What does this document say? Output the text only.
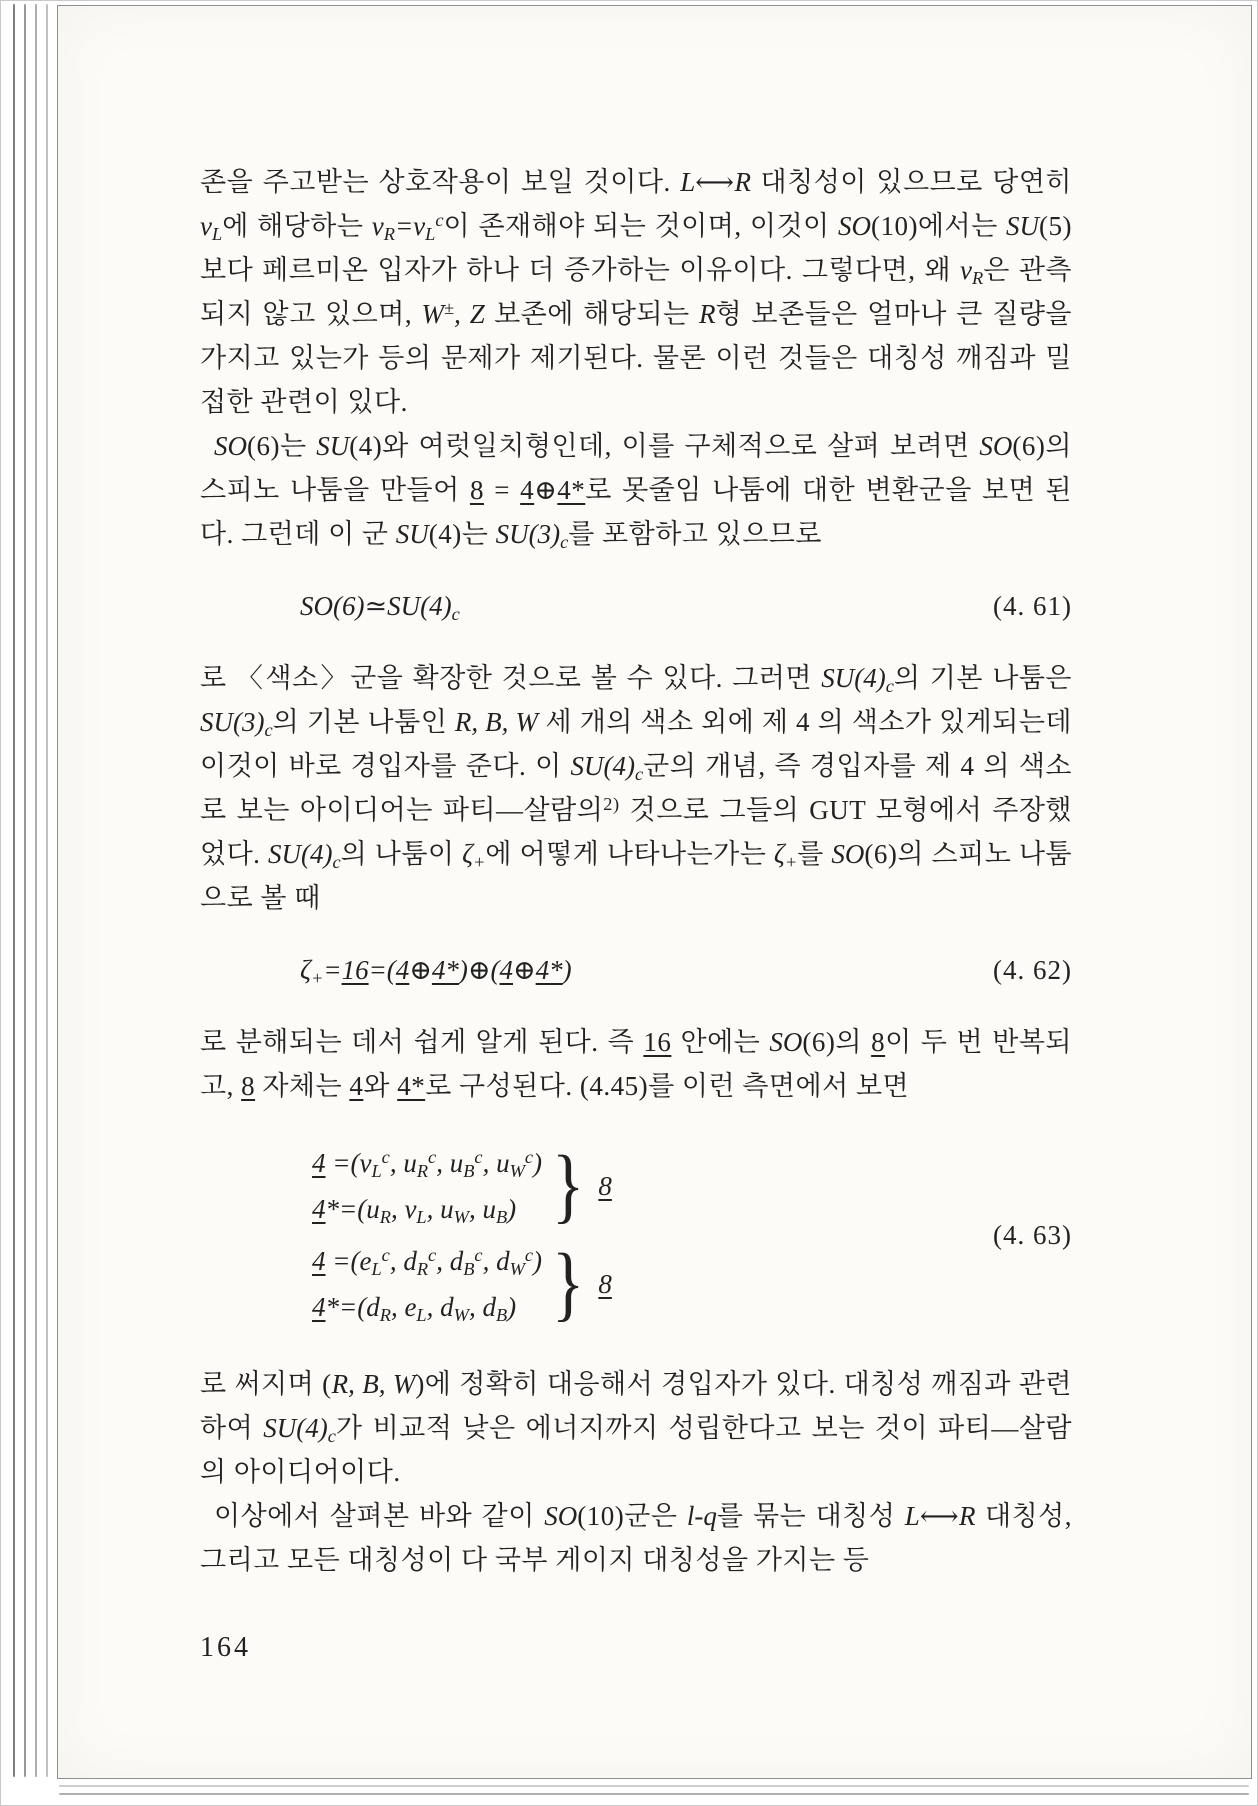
존을 주고받는 상호작용이 보일 것이다. L⟷R 대칭성이 있으므로 당연히 $\nu_L$에 해당하는 $\nu_R=\nu_L^c$이 존재해야 되는 것이며, 이것이 SO(10)에서는 SU(5)보다 페르미온 입자가 하나 더 증가하는 이유이다. 그렇다면, 왜 $\nu_R$은 관측되지 않고 있으며, W±, Z 보존에 해당되는 R형 보존들은 얼마나 큰 질량을 가지고 있는가 등의 문제가 제기된다. 물론 이런 것들은 대칭성 깨짐과 밀접한 관련이 있다.

SO(6)는 SU(4)와 여럿일치형인데, 이를 구체적으로 살펴 보려면 SO(6)의 스피노 나툼을 만들어 8 = 4⊕4*로 못줄임 나툼에 대한 변환군을 보면 된다. 그런데 이 군 SU(4)는 $SU(3)_c$를 포함하고 있으므로

$SO(6)≃SU(4)_c$	(4. 61)

로 〈색소〉군을 확장한 것으로 볼 수 있다. 그러면 $SU(4)_c$의 기본 나툼은 $SU(3)_c$의 기본 나툼인 R, B, W 세 개의 색소 외에 제 4 의 색소가 있게되는데 이것이 바로 경입자를 준다. 이 $SU(4)_c$군의 개념, 즉 경입자를 제 4 의 색소로 보는 아이디어는 파티—살람의$^{2)}$ 것으로 그들의 GUT 모형에서 주장했었다. $SU(4)_c$의 나툼이 $\zeta_+$에 어떻게 나타나는가는 $\zeta_+$를 SO(6)의 스피노 나툼으로 볼 때

$\zeta_+=16=(4\oplus 4*)\oplus(4\oplus 4*)$	(4. 62)

로 분해되는 데서 쉽게 알게 된다. 즉 16 안에는 SO(6)의 8이 두 번 반복되고, 8 자체는 4와 4*로 구성된다. (4.45)를 이런 측면에서 보면

$4 =(\nu_L^c$, $u_R^c$, $u_B^c$, $u_W^c$)
$4*=(u_R$, $\nu_L$, $u_W$, $u_B$) } 8
$4 =(e_L^c$, $d_R^c$, $d_B^c$, $d_W^c$)
$4*=(d_R$, $e_L$, $d_W$, $d_B$) } 8
(4. 63)

로 써지며 (R, B, W)에 정확히 대응해서 경입자가 있다. 대칭성 깨짐과 관련하여 $SU(4)_c$가 비교적 낮은 에너지까지 성립한다고 보는 것이 파티—살람의 아이디어이다.

이상에서 살펴본 바와 같이 SO(10)군은 l-q를 묶는 대칭성 L⟷R 대칭성, 그리고 모든 대칭성이 다 국부 게이지 대칭성을 가지는 등

164
